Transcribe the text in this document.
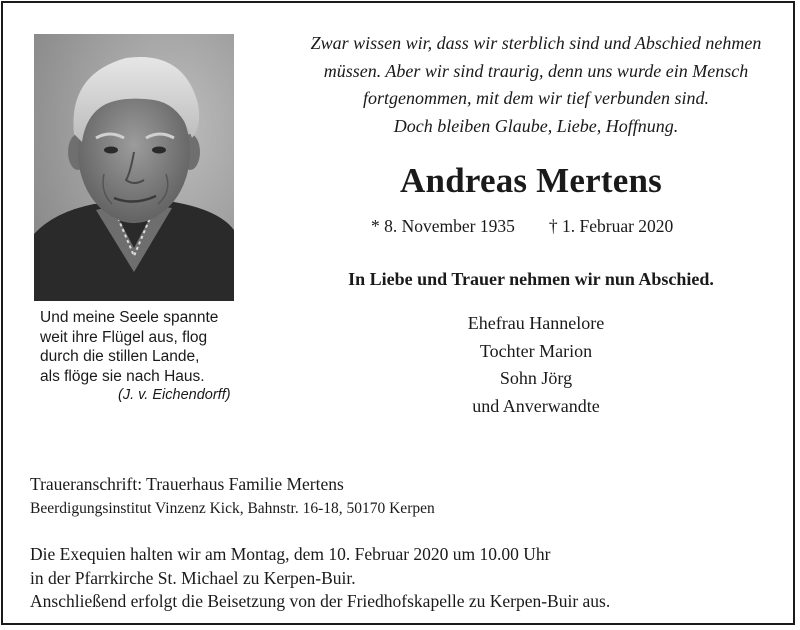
Und meine Seele spannte
weit ihre Flügel aus, flog
durch die stillen Lande,
als flöge sie nach Haus.
(J. v. Eichendorff)
Zwar wissen wir, dass wir sterblich sind und Abschied nehmen
müssen. Aber wir sind traurig, denn uns wurde ein Mensch
fortgenommen, mit dem wir tief verbunden sind.
Doch bleiben Glaube, Liebe, Hoffnung.
Andreas Mertens
* 8. November 1935 † 1. Februar 2020
In Liebe und Trauer nehmen wir nun Abschied.
Ehefrau Hannelore
Tochter Marion
Sohn Jörg
und Anverwandte
Traueranschrift: Trauerhaus Familie Mertens
Beerdigungsinstitut Vinzenz Kick, Bahnstr. 16-18, 50170 Kerpen
Die Exequien halten wir am Montag, dem 10. Februar 2020 um 10.00 Uhr
in der Pfarrkirche St. Michael zu Kerpen-Buir.
Anschließend erfolgt die Beisetzung von der Friedhofskapelle zu Kerpen-Buir aus.
